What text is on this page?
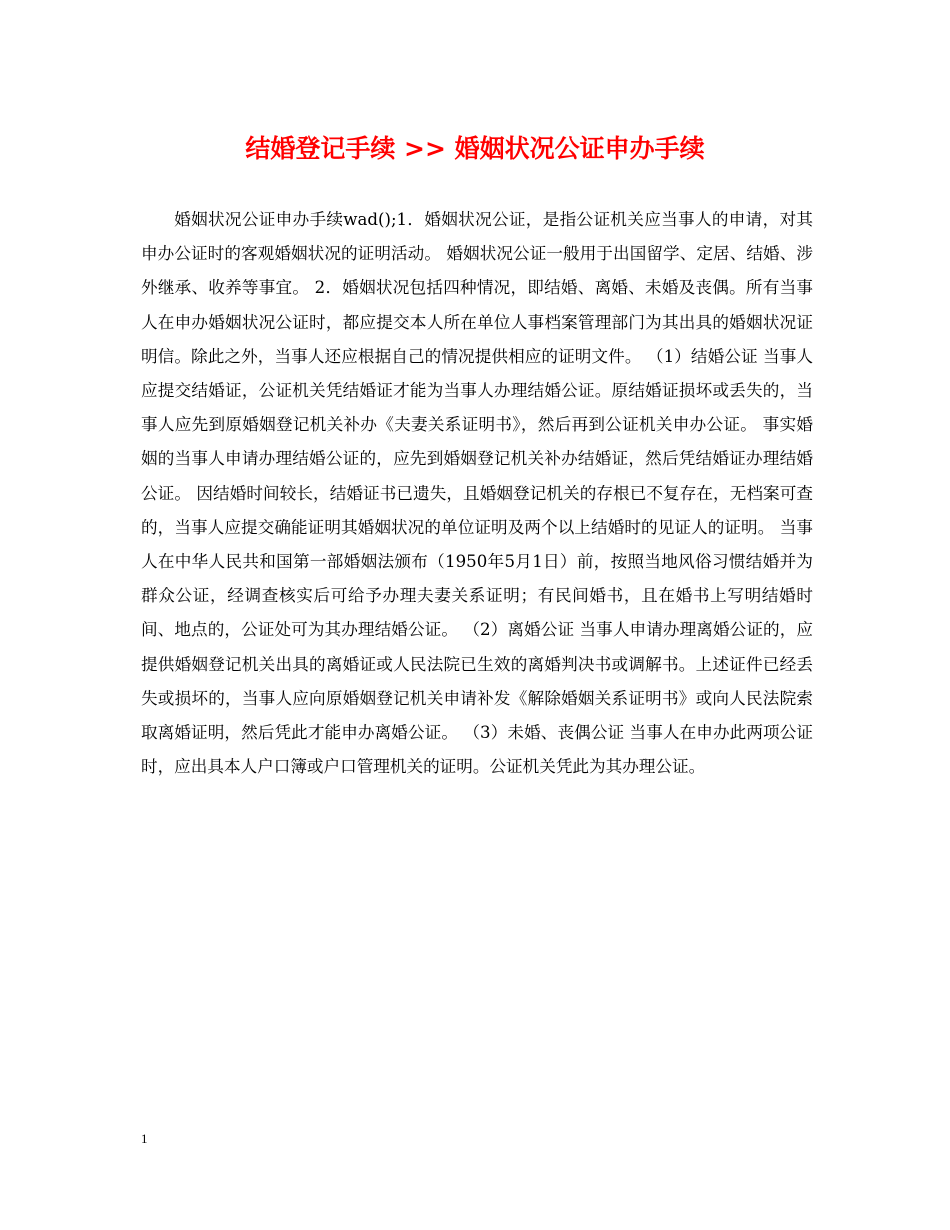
结婚登记手续 >> 婚姻状况公证申办手续

婚姻状况公证申办手续wad();1．婚姻状况公证，是指公证机关应当事人的申请，对其申办公证时的客观婚姻状况的证明活动。 婚姻状况公证一般用于出国留学、定居、结婚、涉外继承、收养等事宜。 2．婚姻状况包括四种情况，即结婚、离婚、未婚及丧偶。所有当事人在申办婚姻状况公证时，都应提交本人所在单位人事档案管理部门为其出具的婚姻状况证明信。除此之外，当事人还应根据自己的情况提供相应的证明文件。 （1）结婚公证 当事人应提交结婚证，公证机关凭结婚证才能为当事人办理结婚公证。原结婚证损坏或丢失的，当事人应先到原婚姻登记机关补办《夫妻关系证明书》，然后再到公证机关申办公证。 事实婚姻的当事人申请办理结婚公证的，应先到婚姻登记机关补办结婚证，然后凭结婚证办理结婚公证。 因结婚时间较长，结婚证书已遗失，且婚姻登记机关的存根已不复存在，无档案可查的，当事人应提交确能证明其婚姻状况的单位证明及两个以上结婚时的见证人的证明。 当事人在中华人民共和国第一部婚姻法颁布（1950年5月1日）前，按照当地风俗习惯结婚并为群众公证，经调查核实后可给予办理夫妻关系证明；有民间婚书，且在婚书上写明结婚时间、地点的，公证处可为其办理结婚公证。 （2）离婚公证 当事人申请办理离婚公证的，应提供婚姻登记机关出具的离婚证或人民法院已生效的离婚判决书或调解书。上述证件已经丢失或损坏的，当事人应向原婚姻登记机关申请补发《解除婚姻关系证明书》或向人民法院索取离婚证明，然后凭此才能申办离婚公证。 （3）未婚、丧偶公证 当事人在申办此两项公证时，应出具本人户口簿或户口管理机关的证明。公证机关凭此为其办理公证。

1
